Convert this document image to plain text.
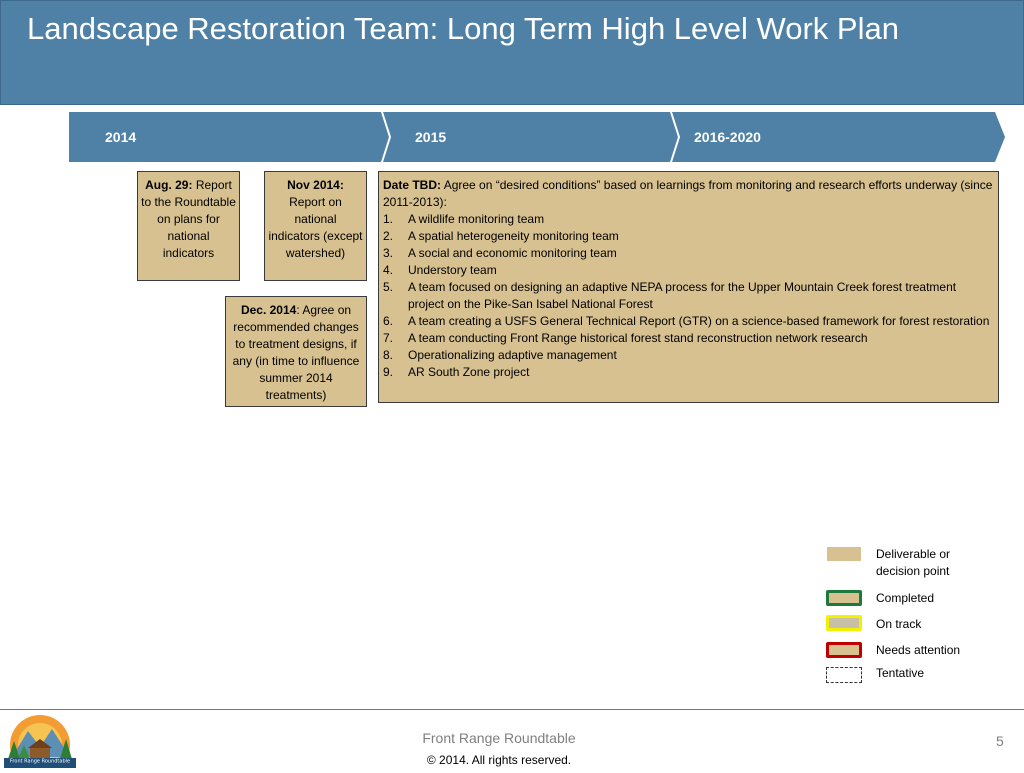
Landscape Restoration Team: Long Term High Level Work Plan
2014	2015	2016-2020
Aug. 29: Report to the Roundtable on plans for national indicators
Nov 2014: Report on national indicators (except watershed)
Dec. 2014: Agree on recommended changes to treatment designs, if any (in time to influence summer 2014 treatments)
Date TBD: Agree on “desired conditions” based on learnings from monitoring and research efforts underway (since 2011-2013):
1. A wildlife monitoring team
2. A spatial heterogeneity monitoring team
3. A social and economic monitoring team
4. Understory team
5. A team focused on designing an adaptive NEPA process for the Upper Mountain Creek forest treatment project on the Pike-San Isabel National Forest
6. A team creating a USFS General Technical Report (GTR) on a science-based framework for forest restoration
7. A team conducting Front Range historical forest stand reconstruction network research
8. Operationalizing adaptive management
9. AR South Zone project
Deliverable or decision point
Completed
On track
Needs attention
Tentative
Front Range Roundtable
Front Range Roundtable
© 2014. All rights reserved.
5
